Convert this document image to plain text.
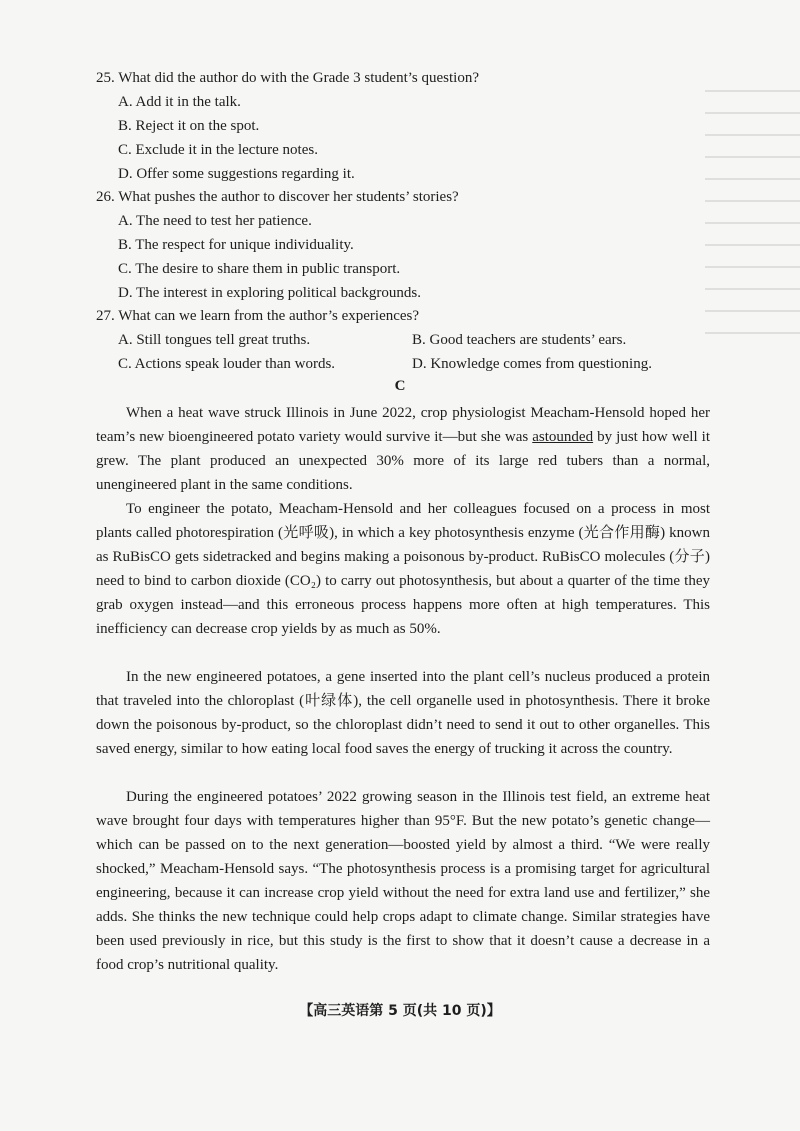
25. What did the author do with the Grade 3 student’s question?
A. Add it in the talk.
B. Reject it on the spot.
C. Exclude it in the lecture notes.
D. Offer some suggestions regarding it.
26. What pushes the author to discover her students’ stories?
A. The need to test her patience.
B. The respect for unique individuality.
C. The desire to share them in public transport.
D. The interest in exploring political backgrounds.
27. What can we learn from the author’s experiences?
A. Still tongues tell great truths.	B. Good teachers are students’ ears.
C. Actions speak louder than words.	D. Knowledge comes from questioning.
C
When a heat wave struck Illinois in June 2022, crop physiologist Meacham-Hensold hoped her team’s new bioengineered potato variety would survive it—but she was astounded by just how well it grew. The plant produced an unexpected 30% more of its large red tubers than a normal, unengineered plant in the same conditions.
To engineer the potato, Meacham-Hensold and her colleagues focused on a process in most plants called photorespiration (光呼吸), in which a key photosynthesis enzyme (光合作用酶) known as RuBisCO gets sidetracked and begins making a poisonous by-product. RuBisCO molecules (分子) need to bind to carbon dioxide (CO₂) to carry out photosynthesis, but about a quarter of the time they grab oxygen instead—and this erroneous process happens more often at high temperatures. This inefficiency can decrease crop yields by as much as 50%.
In the new engineered potatoes, a gene inserted into the plant cell’s nucleus produced a protein that traveled into the chloroplast (叶绿体), the cell organelle used in photosynthesis. There it broke down the poisonous by-product, so the chloroplast didn’t need to send it out to other organelles. This saved energy, similar to how eating local food saves the energy of trucking it across the country.
During the engineered potatoes’ 2022 growing season in the Illinois test field, an extreme heat wave brought four days with temperatures higher than 95°F. But the new potato’s genetic change—which can be passed on to the next generation—boosted yield by almost a third. “We were really shocked,” Meacham-Hensold says. “The photosynthesis process is a promising target for agricultural engineering, because it can increase crop yield without the need for extra land use and fertilizer,” she adds. She thinks the new technique could help crops adapt to climate change. Similar strategies have been used previously in rice, but this study is the first to show that it doesn’t cause a decrease in a food crop’s nutritional quality.
【高三英语第 5 页(共 10 页)】
